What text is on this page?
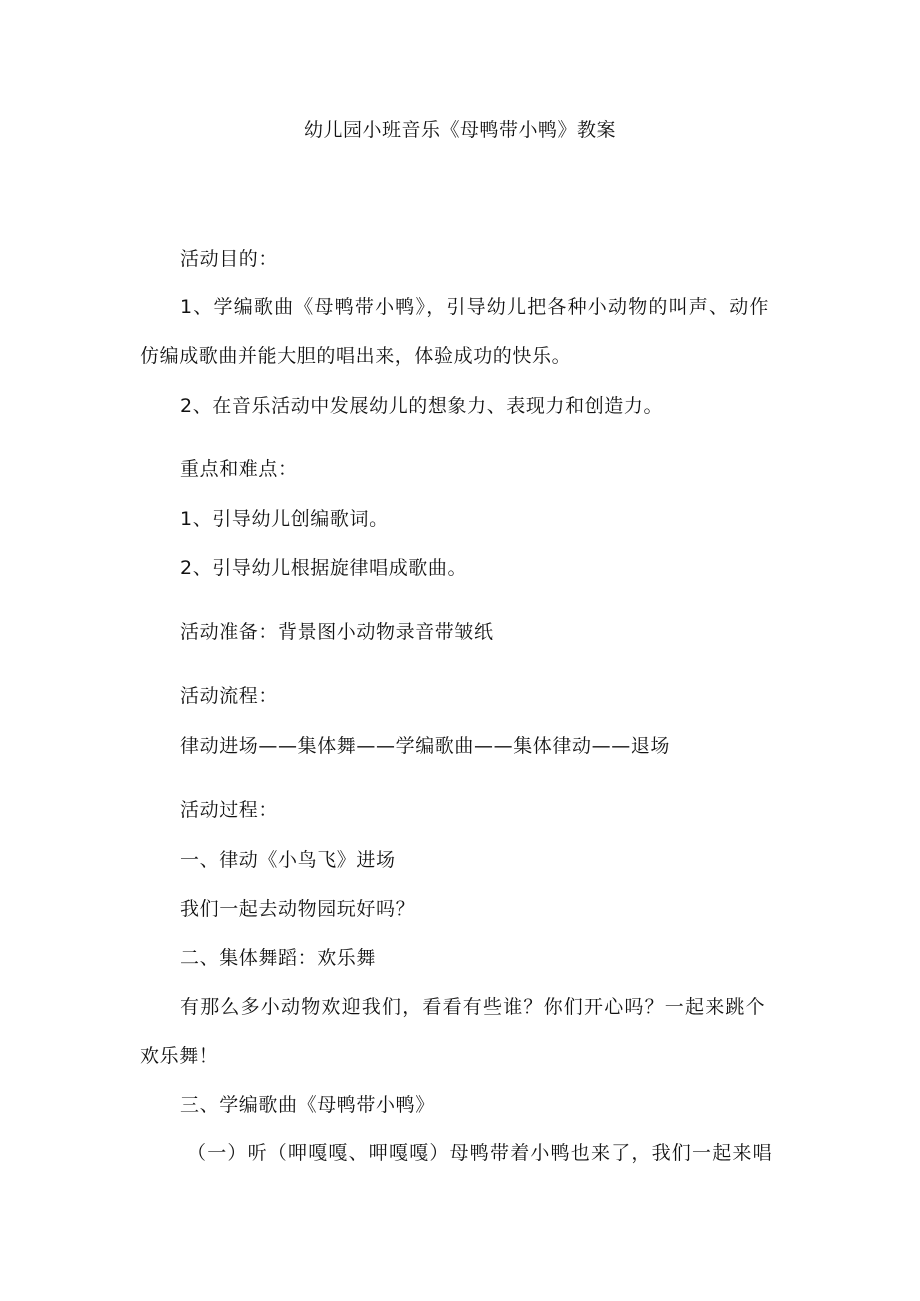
幼儿园小班音乐《母鸭带小鸭》教案
活动目的：
1、学编歌曲《母鸭带小鸭》，引导幼儿把各种小动物的叫声、动作
仿编成歌曲并能大胆的唱出来，体验成功的快乐。
2、在音乐活动中发展幼儿的想象力、表现力和创造力。
重点和难点：
1、引导幼儿创编歌词。
2、引导幼儿根据旋律唱成歌曲。
活动准备：背景图小动物录音带皱纸
活动流程：
律动进场——集体舞——学编歌曲——集体律动——退场
活动过程：
一、律动《小鸟飞》进场
我们一起去动物园玩好吗？
二、集体舞蹈：欢乐舞
有那么多小动物欢迎我们，看看有些谁？你们开心吗？一起来跳个
欢乐舞！
三、学编歌曲《母鸭带小鸭》
（一）听（呷嘎嘎、呷嘎嘎）母鸭带着小鸭也来了，我们一起来唱
